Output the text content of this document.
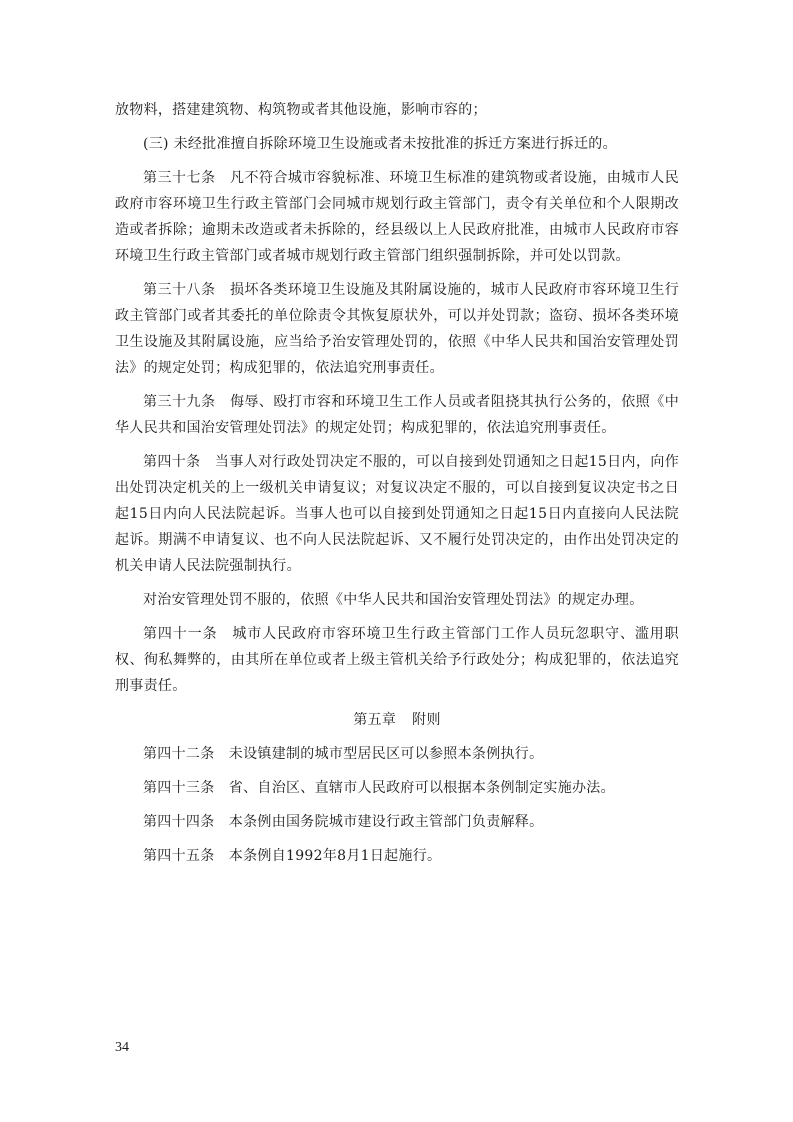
放物料，搭建建筑物、构筑物或者其他设施，影响市容的；

(三) 未经批准擅自拆除环境卫生设施或者未按批准的拆迁方案进行拆迁的。

第三十七条　凡不符合城市容貌标准、环境卫生标准的建筑物或者设施，由城市人民政府市容环境卫生行政主管部门会同城市规划行政主管部门，责令有关单位和个人限期改造或者拆除；逾期未改造或者未拆除的，经县级以上人民政府批准，由城市人民政府市容环境卫生行政主管部门或者城市规划行政主管部门组织强制拆除，并可处以罚款。

第三十八条　损坏各类环境卫生设施及其附属设施的，城市人民政府市容环境卫生行政主管部门或者其委托的单位除责令其恢复原状外，可以并处罚款；盗窃、损坏各类环境卫生设施及其附属设施，应当给予治安管理处罚的，依照《中华人民共和国治安管理处罚法》的规定处罚；构成犯罪的，依法追究刑事责任。

第三十九条　侮辱、殴打市容和环境卫生工作人员或者阻挠其执行公务的，依照《中华人民共和国治安管理处罚法》的规定处罚；构成犯罪的，依法追究刑事责任。

第四十条　当事人对行政处罚决定不服的，可以自接到处罚通知之日起15日内，向作出处罚决定机关的上一级机关申请复议；对复议决定不服的，可以自接到复议决定书之日起15日内向人民法院起诉。当事人也可以自接到处罚通知之日起15日内直接向人民法院起诉。期满不申请复议、也不向人民法院起诉、又不履行处罚决定的，由作出处罚决定的机关申请人民法院强制执行。

对治安管理处罚不服的，依照《中华人民共和国治安管理处罚法》的规定办理。

第四十一条　城市人民政府市容环境卫生行政主管部门工作人员玩忽职守、滥用职权、徇私舞弊的，由其所在单位或者上级主管机关给予行政处分；构成犯罪的，依法追究刑事责任。

第五章 附则

第四十二条　未设镇建制的城市型居民区可以参照本条例执行。

第四十三条　省、自治区、直辖市人民政府可以根据本条例制定实施办法。

第四十四条　本条例由国务院城市建设行政主管部门负责解释。

第四十五条　本条例自1992年8月1日起施行。

34
